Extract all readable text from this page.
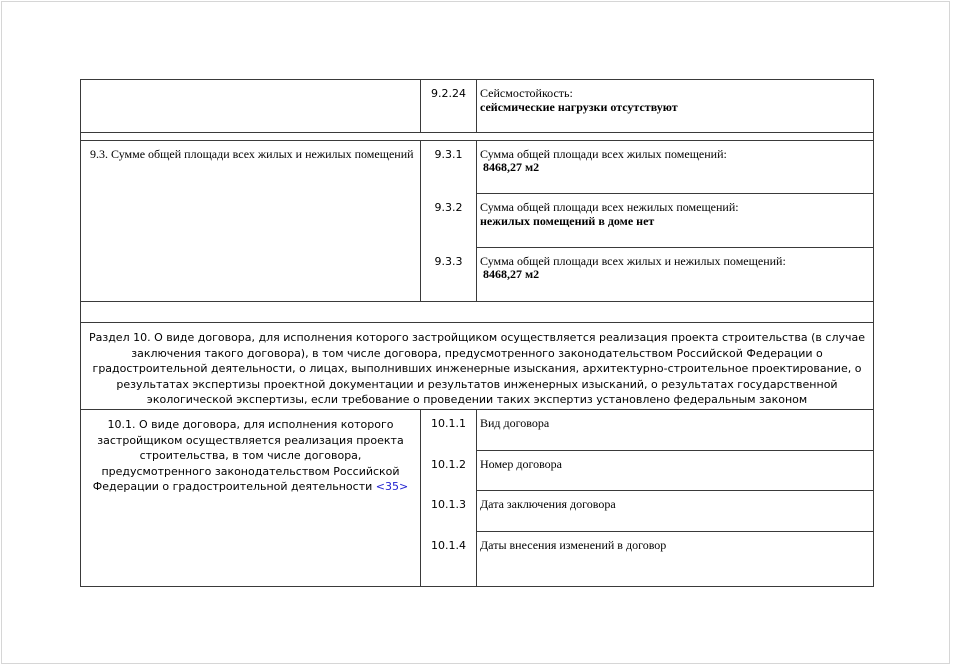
9.2.24	Сейсмостойкость:
сейсмические нагрузки отсутствуют
9.3. Сумме общей площади всех жилых и нежилых помещений	9.3.1	Сумма общей площади всех жилых помещений:
8468,27 м2
9.3.2	Сумма общей площади всех нежилых помещений:
нежилых помещений в доме нет
9.3.3	Сумма общей площади всех жилых и нежилых помещений:
8468,27 м2
Раздел 10. О виде договора, для исполнения которого застройщиком осуществляется реализация проекта строительства (в случае заключения такого договора), в том числе договора, предусмотренного законодательством Российской Федерации о градостроительной деятельности, о лицах, выполнивших инженерные изыскания, архитектурно-строительное проектирование, о результатах экспертизы проектной документации и результатов инженерных изысканий, о результатах государственной экологической экспертизы, если требование о проведении таких экспертиз установлено федеральным законом
10.1. О виде договора, для исполнения которого застройщиком осуществляется реализация проекта строительства, в том числе договора, предусмотренного законодательством Российской Федерации о градостроительной деятельности <35>
10.1.1	Вид договора
10.1.2	Номер договора
10.1.3	Дата заключения договора
10.1.4	Даты внесения изменений в договор
